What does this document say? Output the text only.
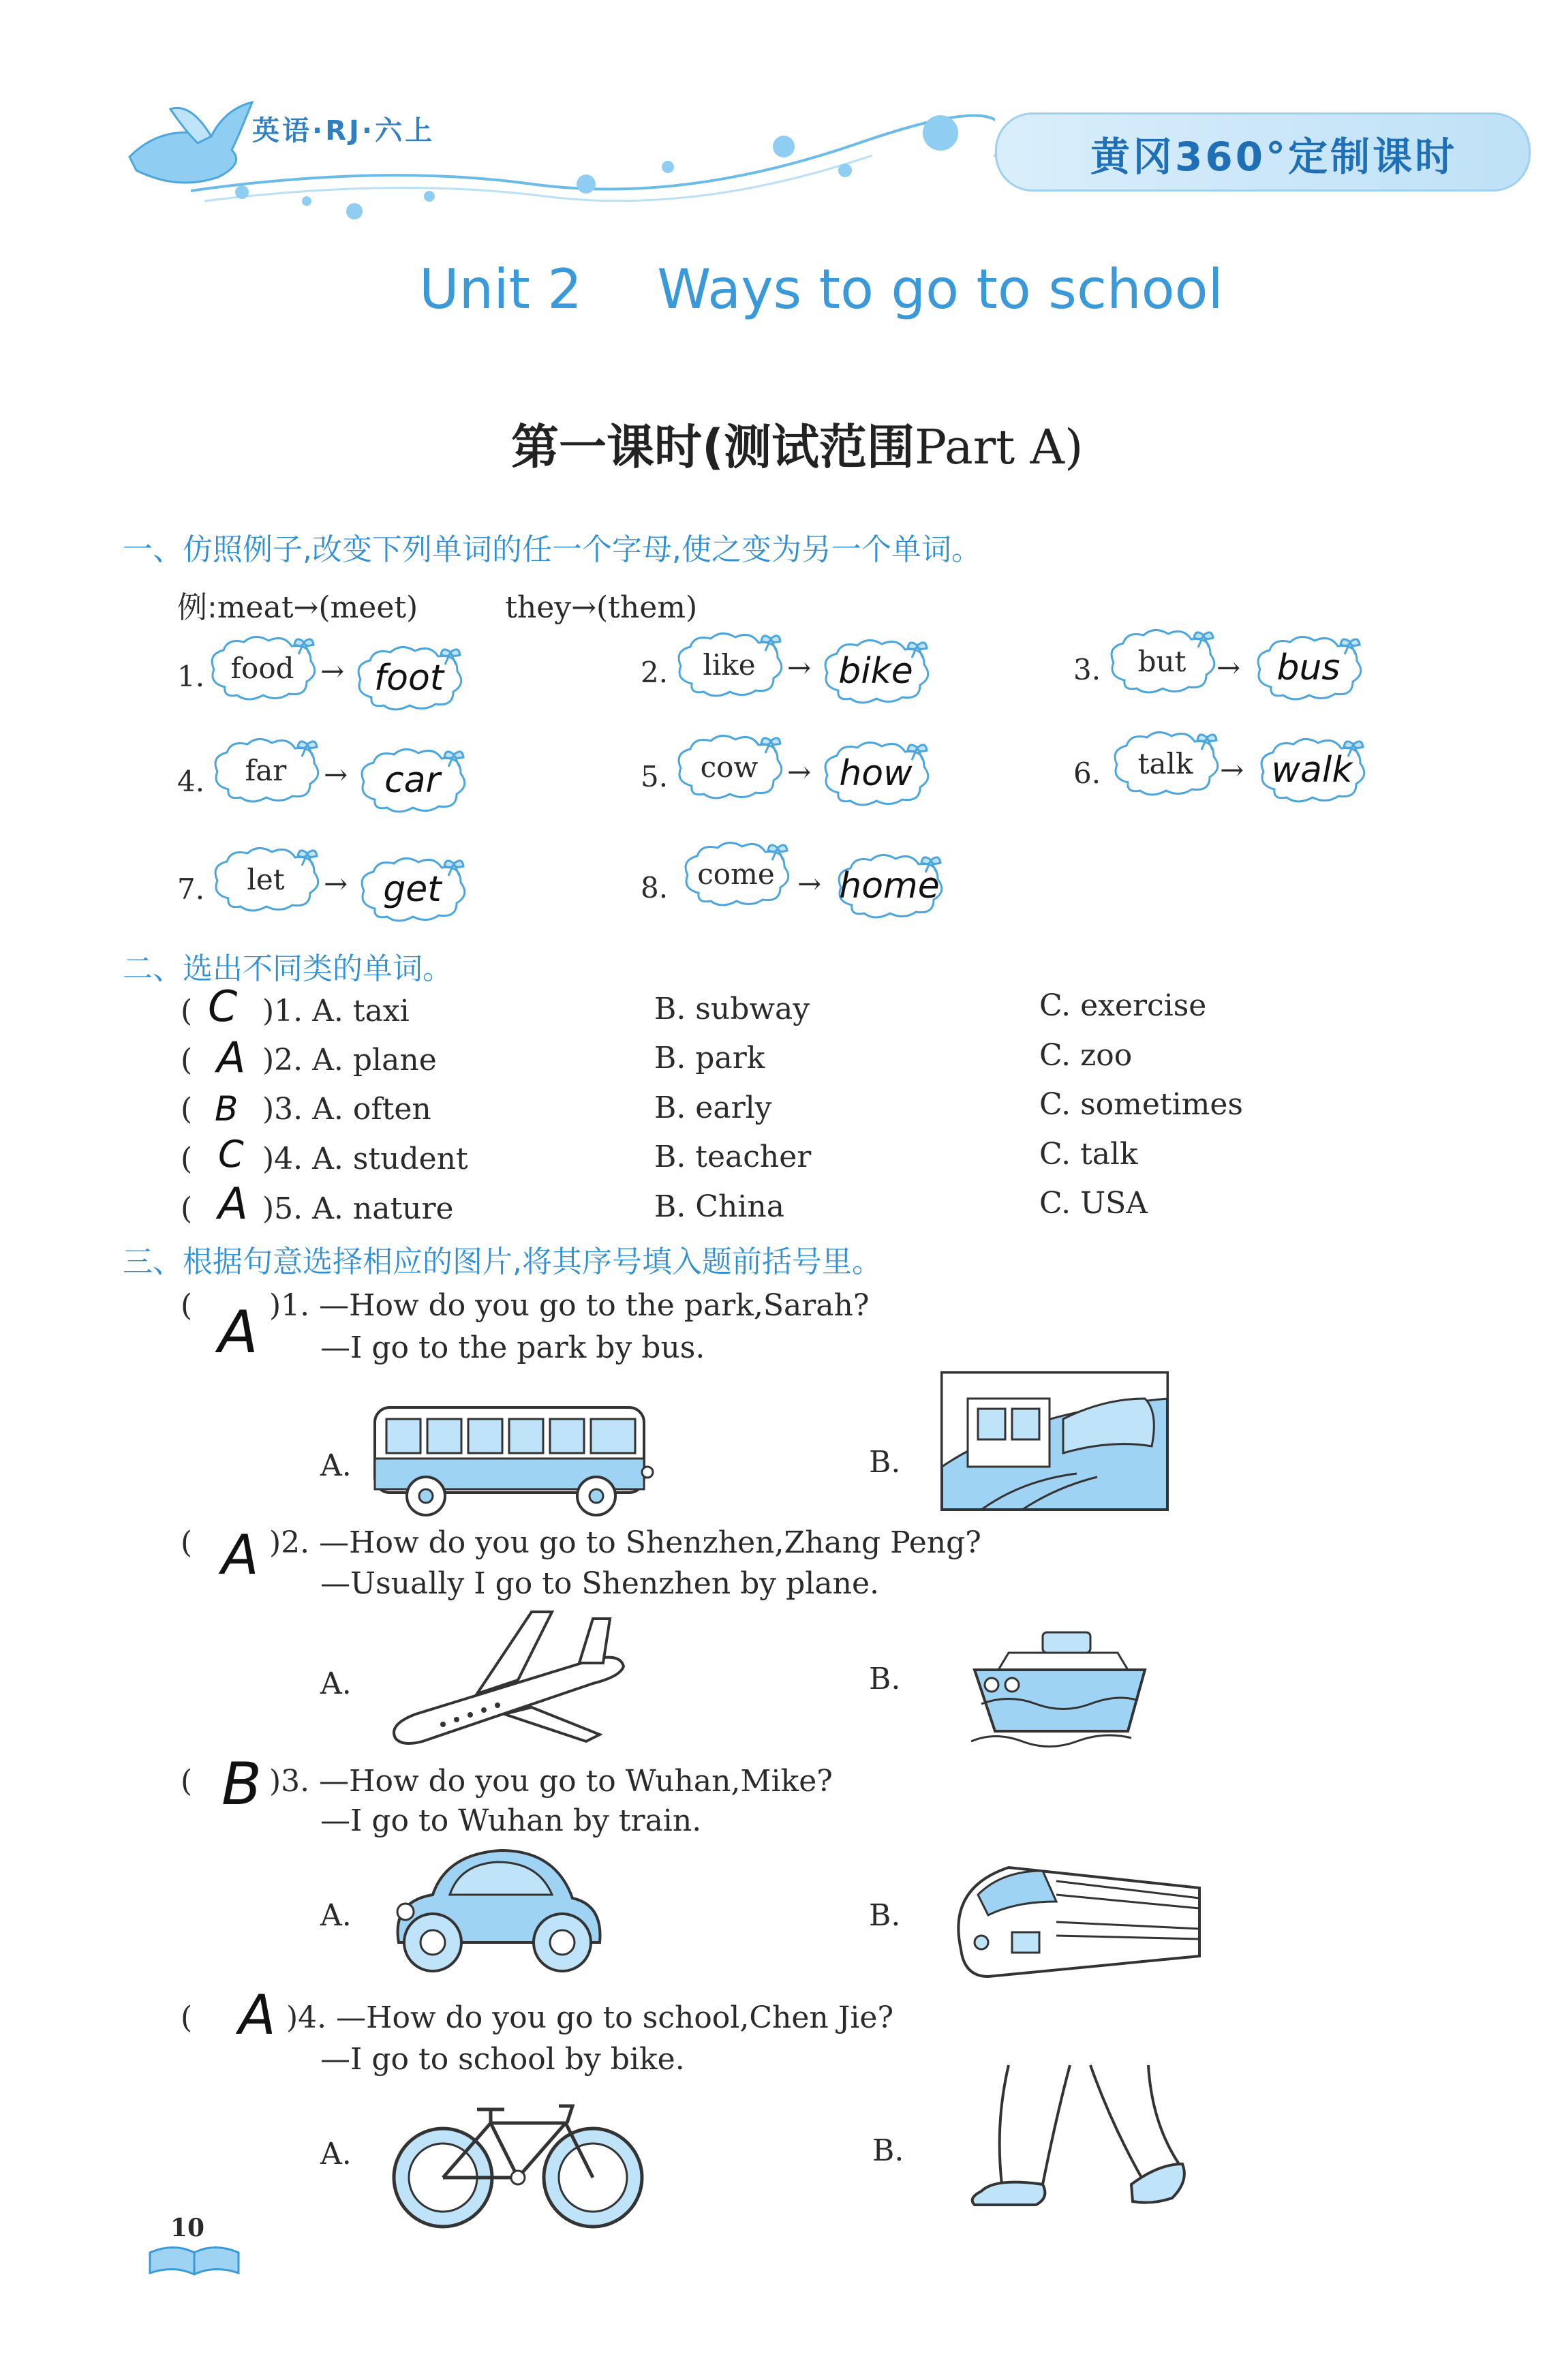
英语·RJ·六上
黄冈360°定制课时
Unit 2 Ways to go to school
第一课时(测试范围Part A)
一、仿照例子,改变下列单词的任一个字母,使之变为另一个单词。
例:meat→(meet)	they→(them)
1. food → foot	2.	like	→ bike	3.	but	→	bus
4.	far	→	car	5.	cow	→ how	6.	talk → walk
7.	let	→	get	8.	come → home
二、选出不同类的单词。
( C )1. A. taxi	B. subway	C. exercise
( A )2. A. plane	B. park	C. zoo
( B )3. A. often	B. early	C. sometimes
( C )4. A. student	B. teacher	C. talk
( A )5. A. nature	B. China	C. USA
三、根据句意选择相应的图片,将其序号填入题前括号里。
( A )1. —How do you go to the park,Sarah?
—I go to the park by bus.
A.	B.
( A )2. —How do you go to Shenzhen,Zhang Peng?
—Usually I go to Shenzhen by plane.
A.	B.
( B )3. —How do you go to Wuhan,Mike?
—I go to Wuhan by train.
A.	B.
( A )4. —How do you go to school,Chen Jie?
—I go to school by bike.
A.	B.
10
